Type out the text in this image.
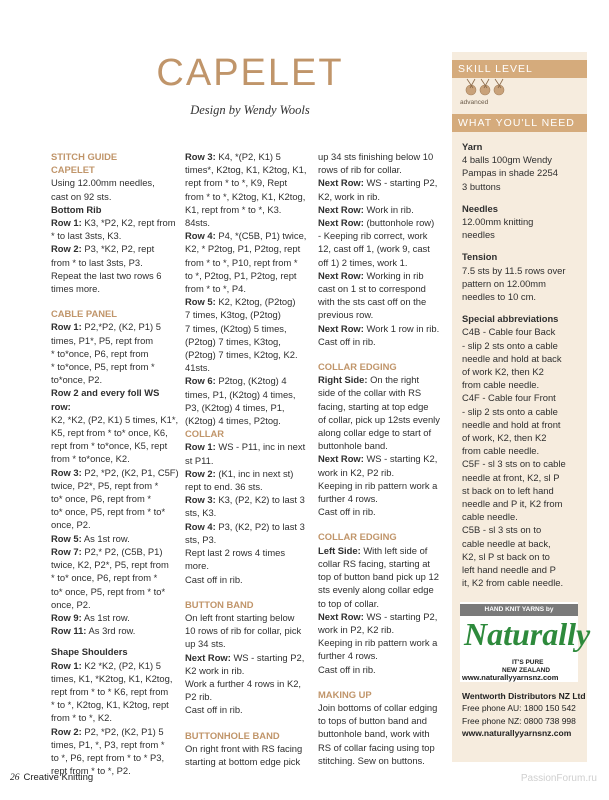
CAPELET
Design by Wendy Wools

STITCH GUIDE

CAPELET

Using 12.00mm needles,

cast on 92 sts.

Bottom Rib

Row 1: K3, *P2, K2, rept from

* to last 3sts, K3.

Row 2: P3, *K2, P2, rept

from * to last 3sts, P3.

Repeat the last two rows 6

times more.

CABLE PANEL

Row 1: P2,*P2, (K2, P1) 5

times, P1*, P5, rept from

* to*once, P6, rept from

* to*once, P5, rept from *

to*once, P2.

Row 2 and every foll WS row:

K2, *K2, (P2, K1) 5 times, K1*,

K5, rept from * to* once, K6,

rept from * to*once, K5, rept

from * to*once, K2.

Row 3: P2, *P2, (K2, P1, C5F)

twice, P2*, P5, rept from *

to* once, P6, rept from *

to* once, P5, rept from * to*

once, P2.

Row 5: As 1st row.

Row 7: P2,* P2, (C5B, P1)

twice, K2, P2*, P5, rept from

* to* once, P6, rept from *

to* once, P5, rept from * to*

once, P2.

Row 9: As 1st row.

Row 11: As 3rd row.

Shape Shoulders

Row 1: K2 *K2, (P2, K1) 5

times, K1, *K2tog, K1, K2tog,

rept from * to * K6, rept from

* to *, K2tog, K1, K2tog, rept

from * to *, K2.

Row 2: P2, *P2, (K2, P1) 5

times, P1, *, P3, rept from *

to *, P6, rept from * to * P3,

rept from * to *, P2.

Row 3: K4, *(P2, K1) 5

times*, K2tog, K1, K2tog, K1,

rept from * to *, K9, Rept

from * to *, K2tog, K1, K2tog,

K1, rept from * to *, K3.

84sts.

Row 4: P4, *(C5B, P1) twice,

K2, * P2tog, P1, P2tog, rept

from * to *, P10, rept from *

to *, P2tog, P1, P2tog, rept

from * to *, P4.

Row 5: K2, K2tog, (P2tog)

7 times, K3tog, (P2tog)

7 times, (K2tog) 5 times,

(P2tog) 7 times, K3tog,

(P2tog) 7 times, K2tog, K2.

41sts.

Row 6: P2tog, (K2tog) 4

times, P1, (K2tog) 4 times,

P3, (K2tog) 4 times, P1,

(K2tog) 4 times, P2tog.

COLLAR

Row 1: WS - P11, inc in next

st P11.

Row 2: (K1, inc in next st)

rept to end. 36 sts.

Row 3: K3, (P2, K2) to last 3

sts, K3.

Row 4: P3, (K2, P2) to last 3

sts, P3.

Rept last 2 rows 4 times

more.

Cast off in rib.

BUTTON BAND

On left front starting below

10 rows of rib for collar, pick

up 34 sts.

Next Row: WS - starting P2,

K2 work in rib.

Work a further 4 rows in K2,

P2 rib.

Cast off in rib.

BUTTONHOLE BAND

On right front with RS facing

starting at bottom edge pick

up 34 sts finishing below 10

rows of rib for collar.

Next Row: WS - starting P2,

K2, work in rib.

Next Row: Work in rib.

Next Row: (buttonhole row)

- Keeping rib correct, work

12, cast off 1, (work 9, cast

off 1) 2 times, work 1.

Next Row: Working in rib

cast on 1 st to correspond

with the sts cast off on the

previous row.

Next Row: Work 1 row in rib.

Cast off in rib.

COLLAR EDGING

Right Side: On the right

side of the collar with RS

facing, starting at top edge

of collar, pick up 12sts evenly

along collar edge to start of

buttonhole band.

Next Row: WS - starting K2,

work in K2, P2 rib.

Keeping in rib pattern work a

further 4 rows.

Cast off in rib.

COLLAR EDGING

Left Side: With left side of

collar RS facing, starting at

top of button band pick up 12

sts evenly along collar edge

to top of collar.

Next Row: WS - starting P2,

work in P2, K2 rib.

Keeping in rib pattern work a

further 4 rows.

Cast off in rib.

MAKING UP

Join bottoms of collar edging

to tops of button band and

buttonhole band, work with

RS of collar facing using top

stitching. Sew on buttons.

SKILL LEVEL
advanced
WHAT YOU'LL NEED

Yarn

4 balls 100gm Wendy

Pampas in shade 2254

3 buttons

Needles

12.00mm knitting

needles

Tension

7.5 sts by 11.5 rows over

pattern on 12.00mm

needles to 10 cm.

Special abbreviations

C4B - Cable four Back

- slip 2 sts onto a cable

needle and hold at back

of work K2, then K2

from cable needle.

C4F - Cable four Front

- slip 2 sts onto a cable

needle and hold at front

of work, K2, then K2

from cable needle.

C5F - sl 3 sts on to cable

needle at front, K2, sl P

st back on to left hand

needle and P it, K2 from

cable needle.

C5B - sl 3 sts on to

cable needle at back,

K2, sl P st back on to

left hand needle and P

it, K2 from cable needle.

HAND KNIT YARNS by
Naturally
IT'S PURE
NEW ZEALAND
www.naturallyyarnsnz.com

Wentworth Distributors NZ Ltd

Free phone AU: 1800 150 542

Free phone NZ: 0800 738 998

www.naturallyyarnsnz.com

26 Creative Knitting	PassionForum.ru
